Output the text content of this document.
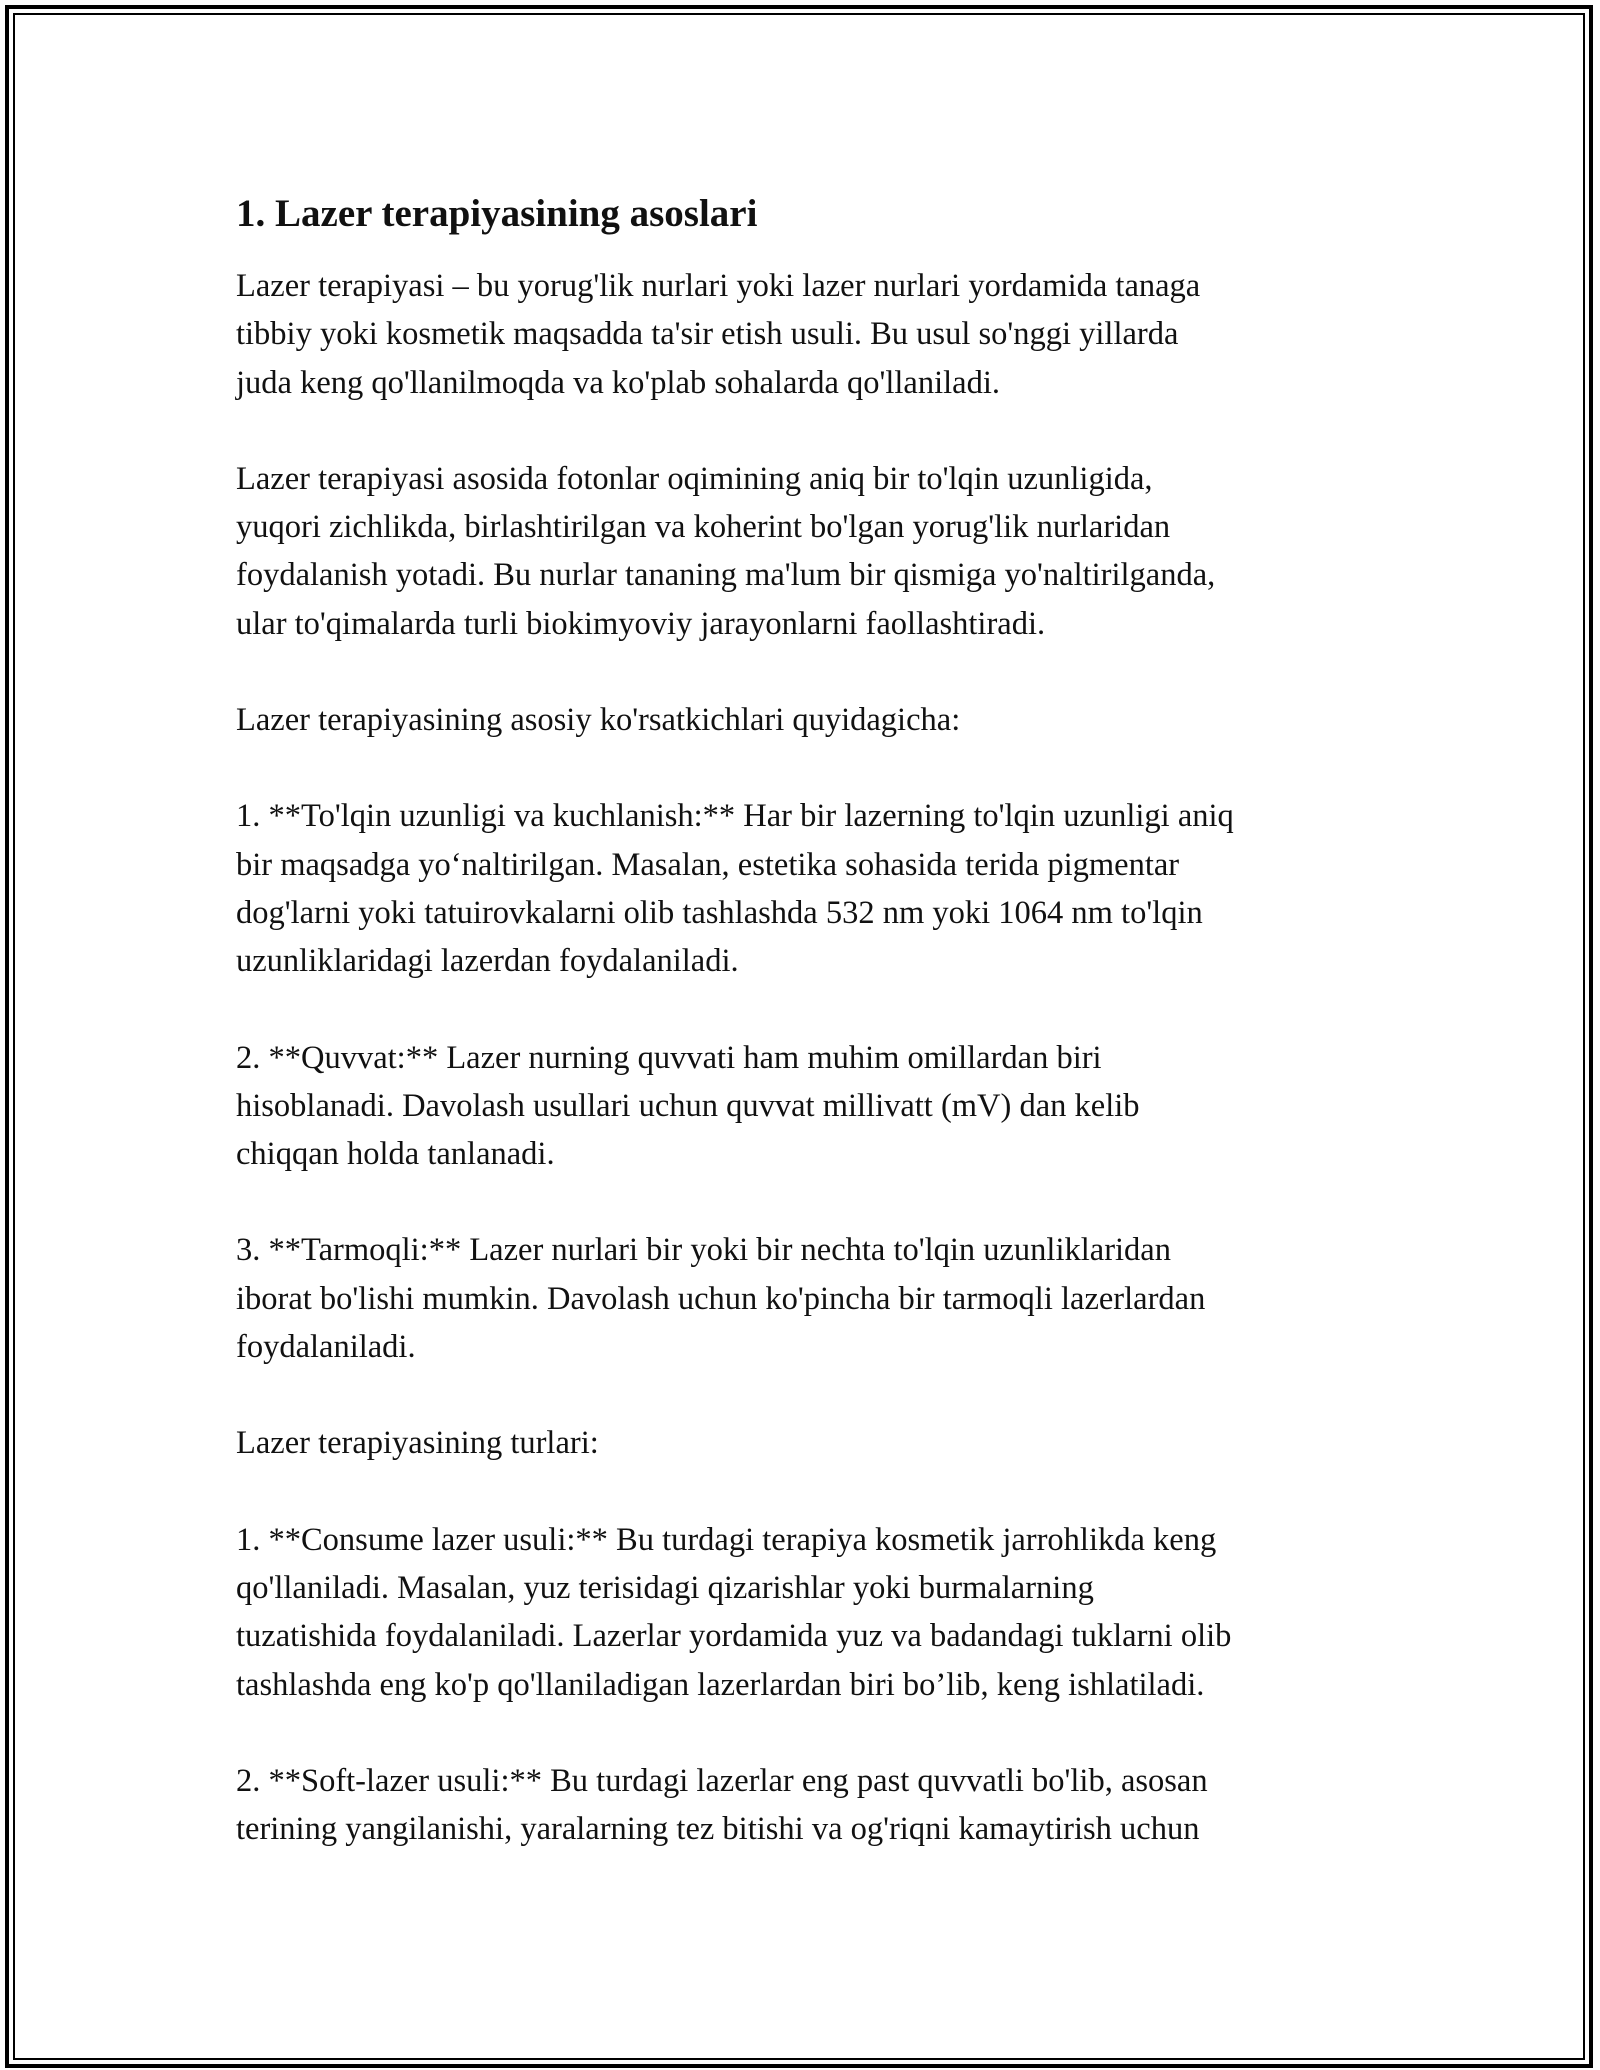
1. Lazer terapiyasining asoslari

Lazer terapiyasi – bu yorug'lik nurlari yoki lazer nurlari yordamida tanaga
tibbiy yoki kosmetik maqsadda ta'sir etish usuli. Bu usul so'nggi yillarda
juda keng qo'llanilmoqda va ko'plab sohalarda qo'llaniladi.

Lazer terapiyasi asosida fotonlar oqimining aniq bir to'lqin uzunligida,
yuqori zichlikda, birlashtirilgan va koherint bo'lgan yorug'lik nurlaridan
foydalanish yotadi. Bu nurlar tananing ma'lum bir qismiga yo'naltirilganda,
ular to'qimalarda turli biokimyoviy jarayonlarni faollashtiradi.

Lazer terapiyasining asosiy ko'rsatkichlari quyidagicha:

1. **To'lqin uzunligi va kuchlanish:** Har bir lazerning to'lqin uzunligi aniq
bir maqsadga yo‘naltirilgan. Masalan, estetika sohasida terida pigmentar
dog'larni yoki tatuirovkalarni olib tashlashda 532 nm yoki 1064 nm to'lqin
uzunliklaridagi lazerdan foydalaniladi.

2. **Quvvat:** Lazer nurning quvvati ham muhim omillardan biri
hisoblanadi. Davolash usullari uchun quvvat millivatt (mV) dan kelib
chiqqan holda tanlanadi.

3. **Tarmoqli:** Lazer nurlari bir yoki bir nechta to'lqin uzunliklaridan
iborat bo'lishi mumkin. Davolash uchun ko'pincha bir tarmoqli lazerlardan
foydalaniladi.

Lazer terapiyasining turlari:

1. **Consume lazer usuli:** Bu turdagi terapiya kosmetik jarrohlikda keng
qo'llaniladi. Masalan, yuz terisidagi qizarishlar yoki burmalarning
tuzatishida foydalaniladi. Lazerlar yordamida yuz va badandagi tuklarni olib
tashlashda eng ko'p qo'llaniladigan lazerlardan biri bo’lib, keng ishlatiladi.

2. **Soft-lazer usuli:** Bu turdagi lazerlar eng past quvvatli bo'lib, asosan
terining yangilanishi, yaralarning tez bitishi va og'riqni kamaytirish uchun
